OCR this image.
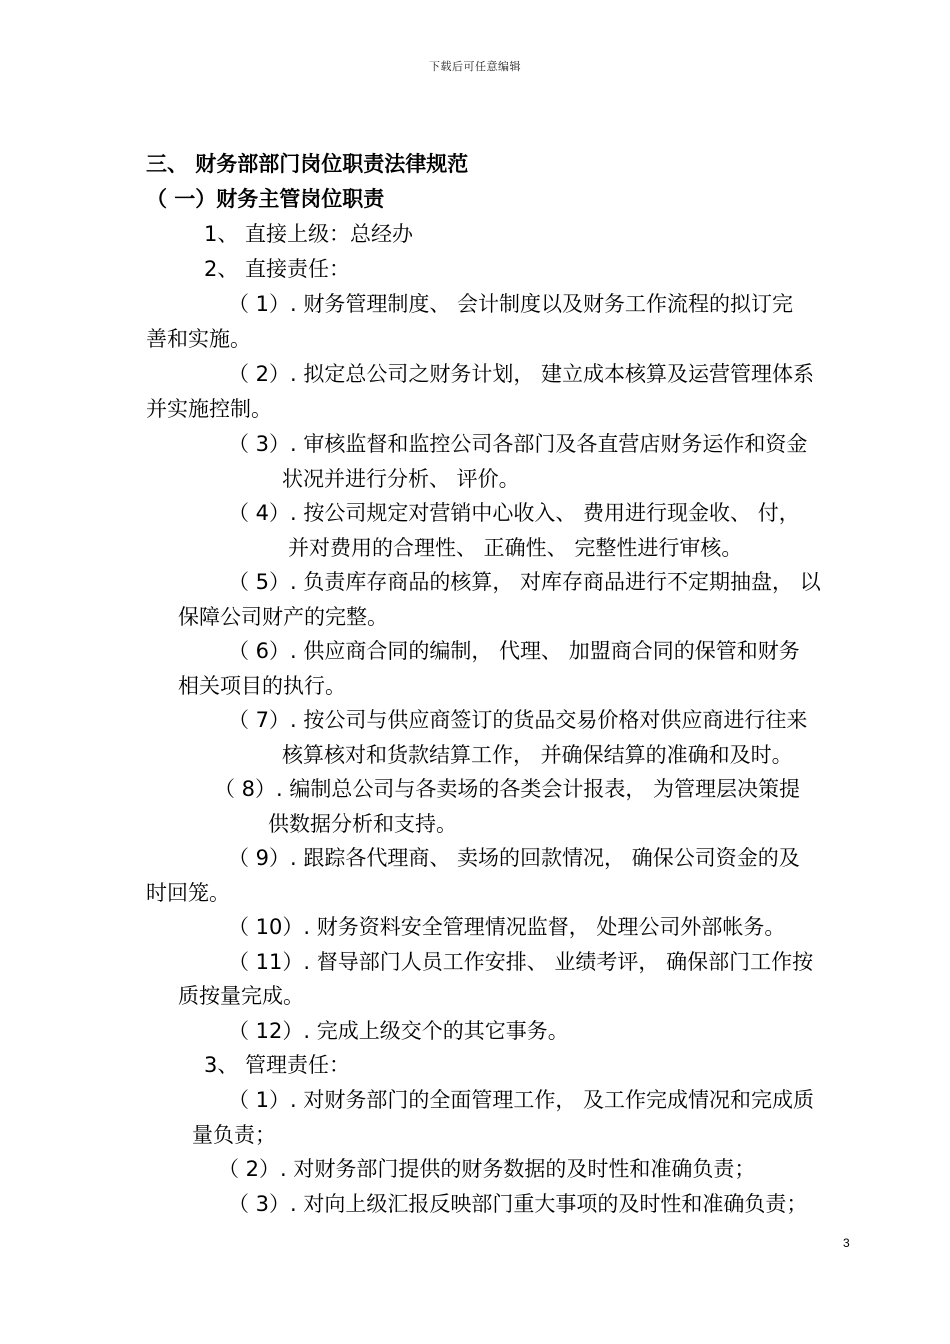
下载后可任意编辑
三、 财务部部门岗位职责法律规范
（ 一）财务主管岗位职责
1、 直接上级：总经办
2、 直接责任：
（ 1）. 财务管理制度、 会计制度以及财务工作流程的拟订完
善和实施。
（ 2）. 拟定总公司之财务计划， 建立成本核算及运营管理体系
并实施控制。
（ 3）. 审核监督和监控公司各部门及各直营店财务运作和资金
状况并进行分析、 评价。
（ 4）. 按公司规定对营销中心收入、 费用进行现金收、 付，
并对费用的合理性、 正确性、 完整性进行审核。
（ 5）. 负责库存商品的核算， 对库存商品进行不定期抽盘， 以
保障公司财产的完整。
（ 6）. 供应商合同的编制， 代理、 加盟商合同的保管和财务
相关项目的执行。
（ 7）. 按公司与供应商签订的货品交易价格对供应商进行往来
核算核对和货款结算工作， 并确保结算的准确和及时。
（ 8）. 编制总公司与各卖场的各类会计报表， 为管理层决策提
供数据分析和支持。
（ 9）. 跟踪各代理商、 卖场的回款情况， 确保公司资金的及
时回笼。
（ 10）. 财务资料安全管理情况监督， 处理公司外部帐务。
（ 11）. 督导部门人员工作安排、 业绩考评， 确保部门工作按
质按量完成。
（ 12）. 完成上级交个的其它事务。
3、 管理责任：
（ 1）. 对财务部门的全面管理工作， 及工作完成情况和完成质
量负责；
（ 2）. 对财务部门提供的财务数据的及时性和准确负责；
（ 3）. 对向上级汇报反映部门重大事项的及时性和准确负责；
3
